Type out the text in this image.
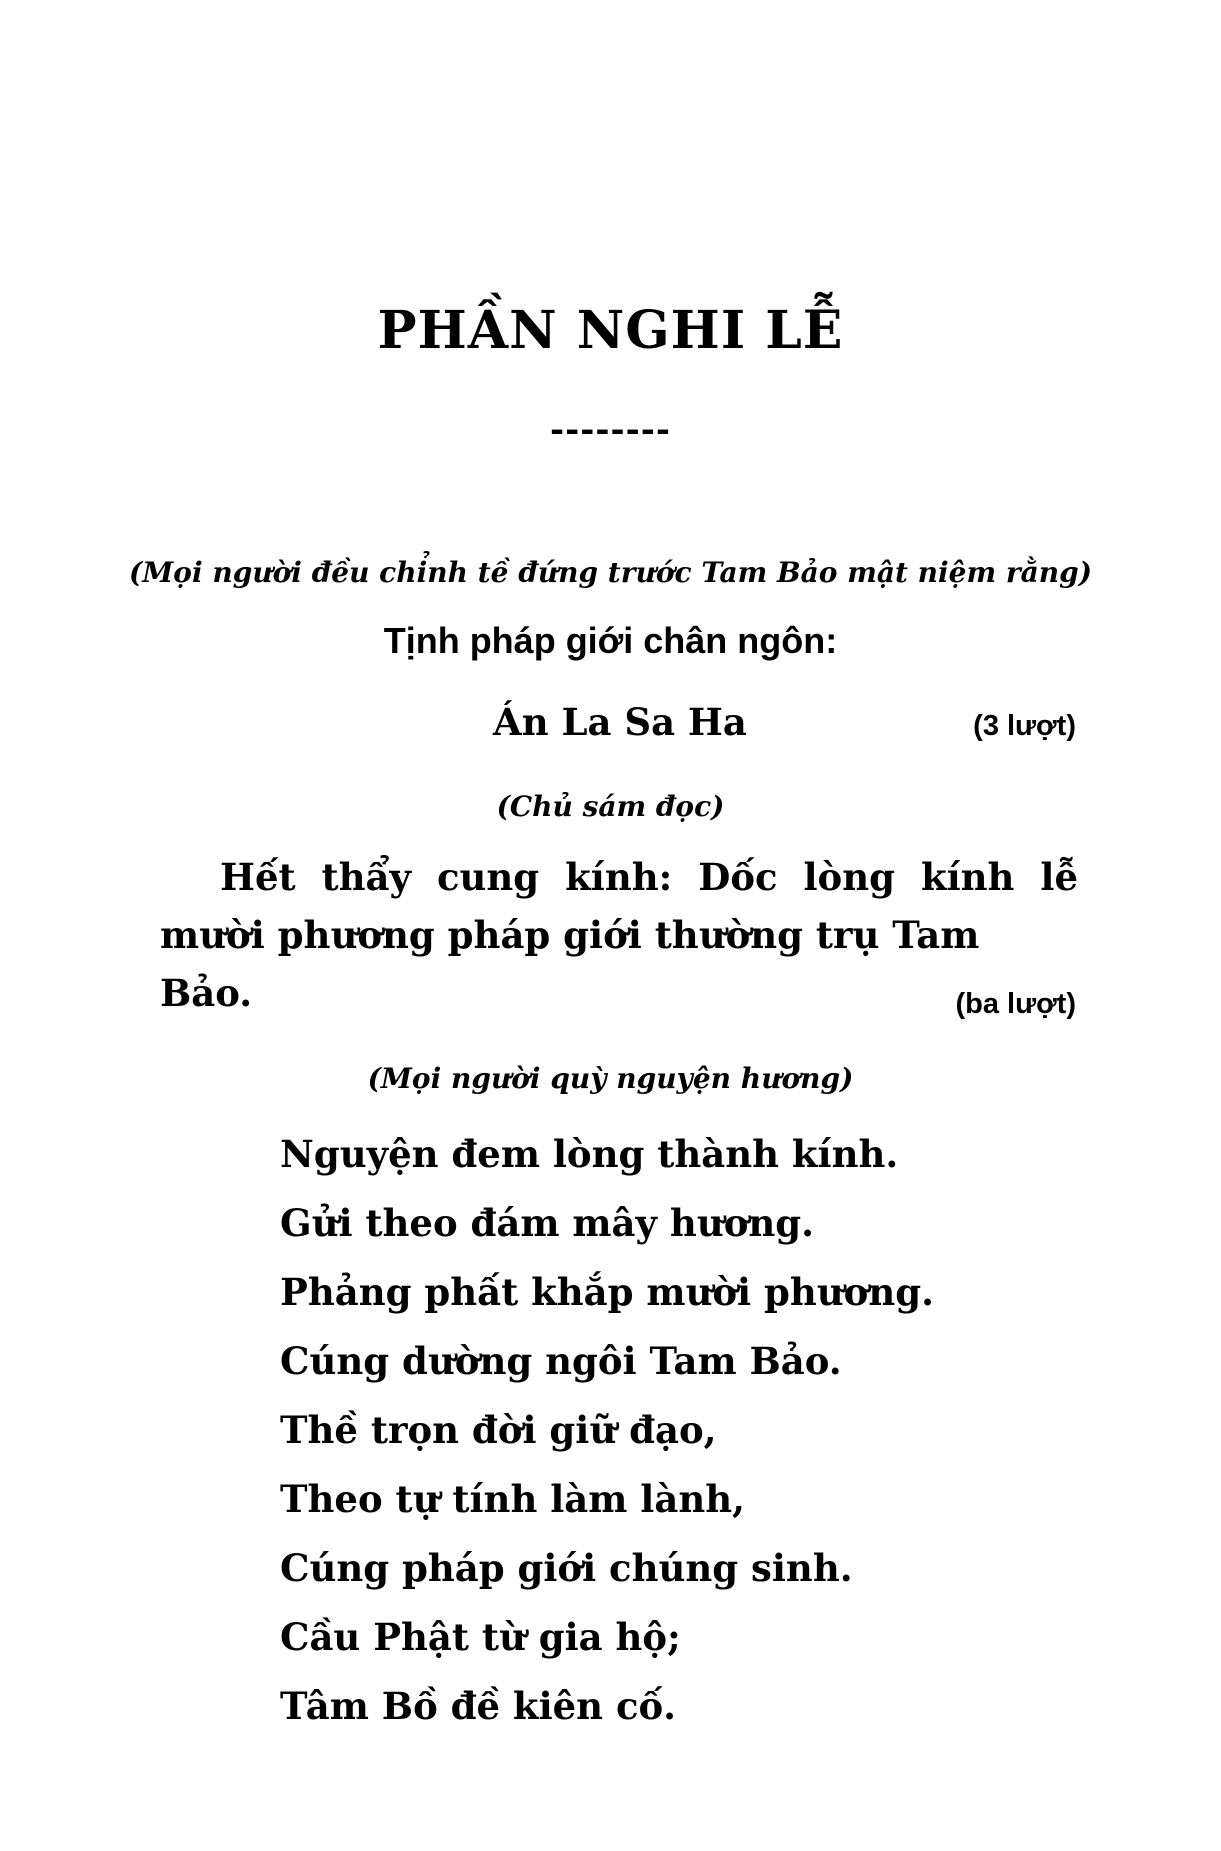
PHẦN NGHI LỄ
--------
(Mọi người đều chỉnh tề đứng trước Tam Bảo mật niệm rằng)
Tịnh pháp giới chân ngôn:
Án La Sa Ha	(3 lượt)
(Chủ sám đọc)
Hết thẩy cung kính: Dốc lòng kính lễ
mười phương pháp giới thường trụ Tam Bảo.	(ba lượt)
(Mọi người quỳ nguyện hương)
Nguyện đem lòng thành kính.
Gửi theo đám mây hương.
Phảng phất khắp mười phương.
Cúng dường ngôi Tam Bảo.
Thề trọn đời giữ đạo,
Theo tự tính làm lành,
Cúng pháp giới chúng sinh.
Cầu Phật từ gia hộ;
Tâm Bồ đề kiên cố.
